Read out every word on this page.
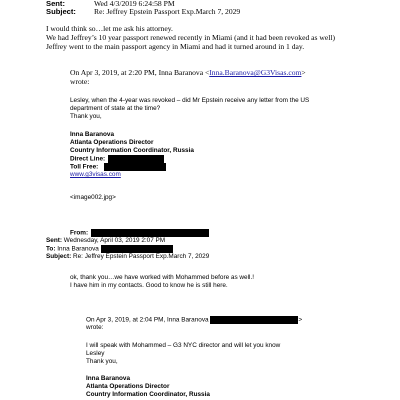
Sent:	Wed 4/3/2019 6:24:58 PM
Subject: Re: Jeffrey Epstein Passport Exp.March 7, 2029
I would think so…let me ask his attorney.
We had Jeffrey’s 10 year passport renewed recently in Miami (and it had been revoked as well)
Jeffrey went to the main passport agency in Miami and had it turned around in 1 day.
On Apr 3, 2019, at 2:20 PM, Inna Baranova <Inna.Baranova@G3Visas.com>
wrote:
Lesley, when the 4-year was revoked – did Mr Epstein receive any letter from the US
department of state at the time?
Thank you,
Inna Baranova
Atlanta Operations Director
Country Information Coordinator, Russia
Direct Line:
Toll Free:
www.g3visas.com
<image002.jpg>
From:
Sent: Wednesday, April 03, 2019 2:07 PM
To: Inna Baranova
Subject: Re: Jeffrey Epstein Passport Exp.March 7, 2029
ok, thank you…we have worked with Mohammed before as well.!
I have him in my contacts. Good to know he is still here.
On Apr 3, 2019, at 2:04 PM, Inna Baranova	>
wrote:
I will speak with Mohammed – G3 NYC director and will let you know
Lesley
Thank you,
Inna Baranova
Atlanta Operations Director
Country Information Coordinator, Russia
